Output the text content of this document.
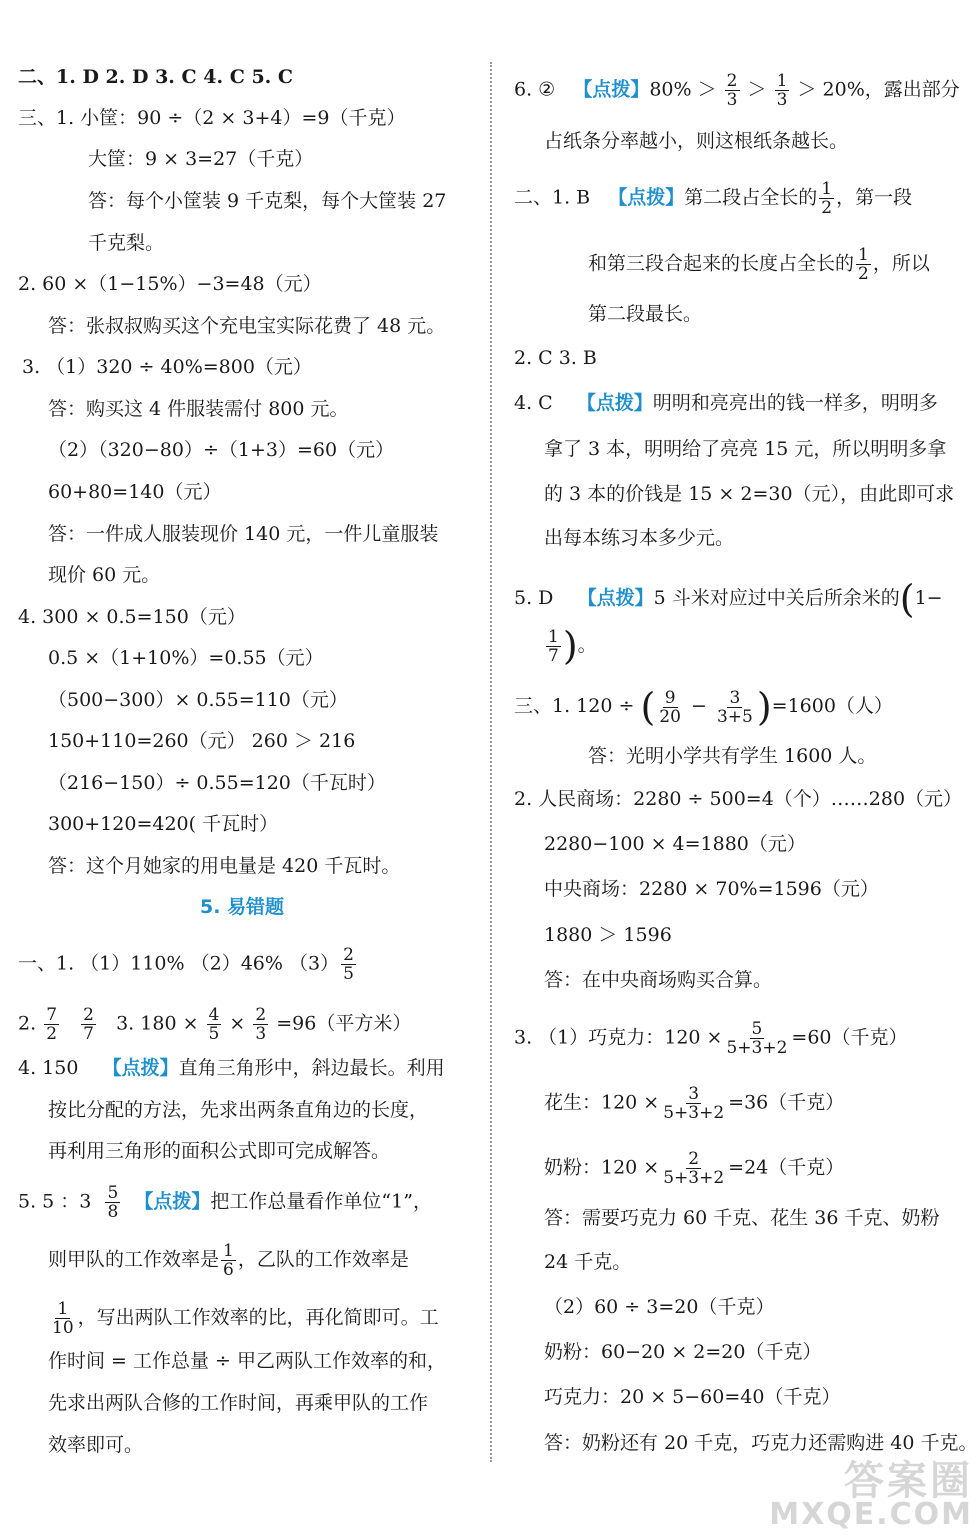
二、1. D 2. D 3. C 4. C 5. C
三、1. 小筐：90 ÷（2 × 3+4）=9（千克）
大筐：9 × 3=27（千克）
答：每个小筐装 9 千克梨，每个大筐装 27
千克梨。
2. 60 ×（1−15%）−3=48（元）
答：张叔叔购买这个充电宝实际花费了 48 元。
3. （1）320 ÷ 40%=800（元）
答：购买这 4 件服装需付 800 元。
（2）（320−80）÷（1+3）=60（元）
60+80=140（元）
答：一件成人服装现价 140 元，一件儿童服装
现价 60 元。
4. 300 × 0.5=150（元）
0.5 ×（1+10%）=0.55（元）
（500−300）× 0.55=110（元）
150+110=260（元） 260 ＞ 216
（216−150）÷ 0.55=120（千瓦时）
300+120=420( 千瓦时）
答：这个月她家的用电量是 420 千瓦时。
5. 易错题
一、1. （1）110% （2）46% $(3) \frac{2}{5}$
2. $\frac{7}{2}$
$\frac{2}{7} 3$. $180 \times \frac{4}{5} \times \frac{2}{3} =96$（平方米）
4. 150 【点拨】直角三角形中，斜边最长。利用
按比分配的方法，先求出两条直角边的长度，
再利用三角形的面积公式即可完成解答。
5. 5 ：$3 \frac{5}{8}$ 【点拨】把工作总量看作单位“1”，
则甲队的工作效率是 $\frac{1}{6}$ ，乙队的工作效率是
$\frac{1}{10}$ ，写出两队工作效率的比，再化简即可。工
作时间 = 工作总量 ÷ 甲乙两队工作效率的和，
先求出两队合修的工作时间，再乘甲队的工作
效率即可。
6. ② 【点拨】$80\% > \frac{2}{3} > \frac{1}{3} > 20\%$，露出部分
占纸条分率越小，则这根纸条越长。
二、1. B 【点拨】第二段占全长的 $\frac{1}{2}$ ，第一段
和第三段合起来的长度占全长的 $\frac{1}{2}$ ，所以
第二段最长。
2. C 3. B
4. C 【点拨】明明和亮亮出的钱一样多，明明多
拿了 3 本，明明给了亮亮 15 元，所以明明多拿
的 3 本的价钱是 15 × 2=30（元），由此即可求
出每本练习本多少元。
5. D 【点拨】5 斗米对应过中关后所余米的(1−
$\frac{1}{7}$ )。
三、1. 120 ÷ ( $\frac{9}{20} - \frac{3}{3+5} )=1600$（人）
答：光明小学共有学生 1600 人。
2. 人民商场：2280 ÷ 500=4（个）……280（元）
2280−100 × 4=1880（元）
中央商场：2280 × 70%=1596（元）
1880 ＞ 1596
答：在中央商场购买合算。
3. （1）巧克力：$120 \times \frac{5}{5+3+2} =60$（千克）
花生：$120 \times \frac{3}{5+3+2} =36$（千克）
奶粉：$120 \times \frac{2}{5+3+2} =24$（千克）
答：需要巧克力 60 千克、花生 36 千克、奶粉
24 千克。
（2）60 ÷ 3=20（千克）
奶粉：60−20 × 2=20（千克）
巧克力：20 × 5−60=40（千克）
答：奶粉还有 20 千克，巧克力还需购进 40 千克。
答案圈
MXQE.COM
